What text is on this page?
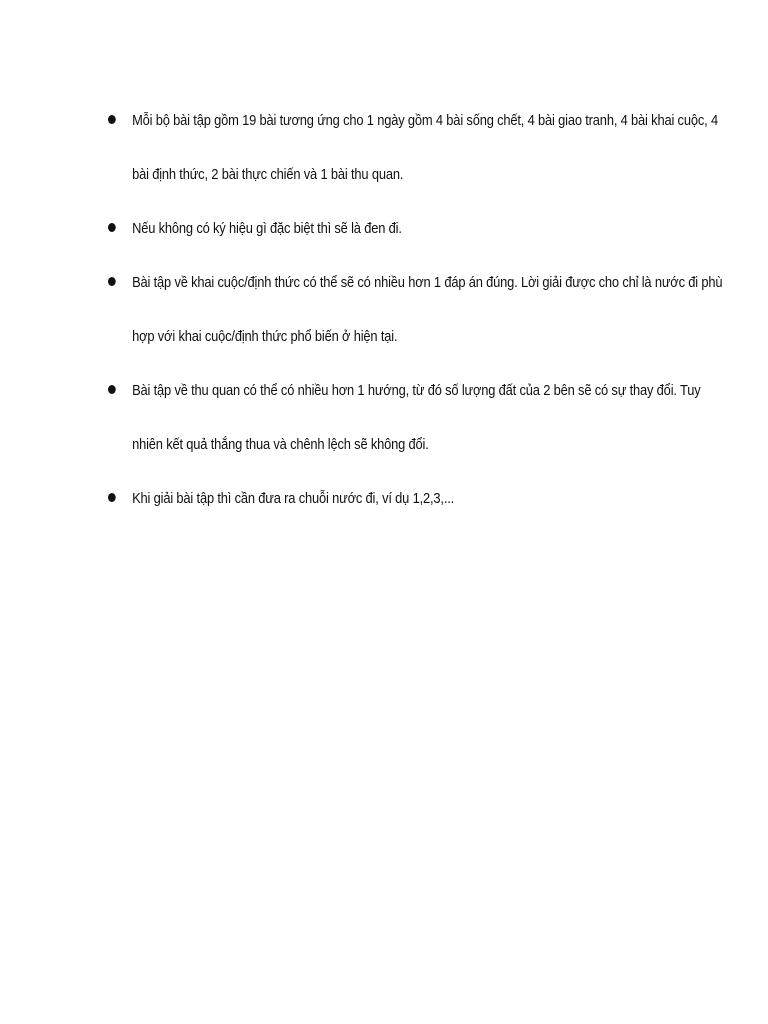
Mỗi bộ bài tập gồm 19 bài tương ứng cho 1 ngày gồm 4 bài sống chết, 4 bài giao tranh, 4 bài khai cuộc, 4 bài định thức, 2 bài thực chiến và 1 bài thu quan.
Nếu không có ký hiệu gì đặc biệt thì sẽ là đen đi.
Bài tập về khai cuộc/định thức có thể sẽ có nhiều hơn 1 đáp án đúng. Lời giải được cho chỉ là nước đi phù hợp với khai cuộc/định thức phổ biến ở hiện tại.
Bài tập về thu quan có thể có nhiều hơn 1 hướng, từ đó số lượng đất của 2 bên sẽ có sự thay đổi. Tuy nhiên kết quả thắng thua và chênh lệch sẽ không đổi.
Khi giải bài tập thì cần đưa ra chuỗi nước đi, ví dụ 1,2,3,...
